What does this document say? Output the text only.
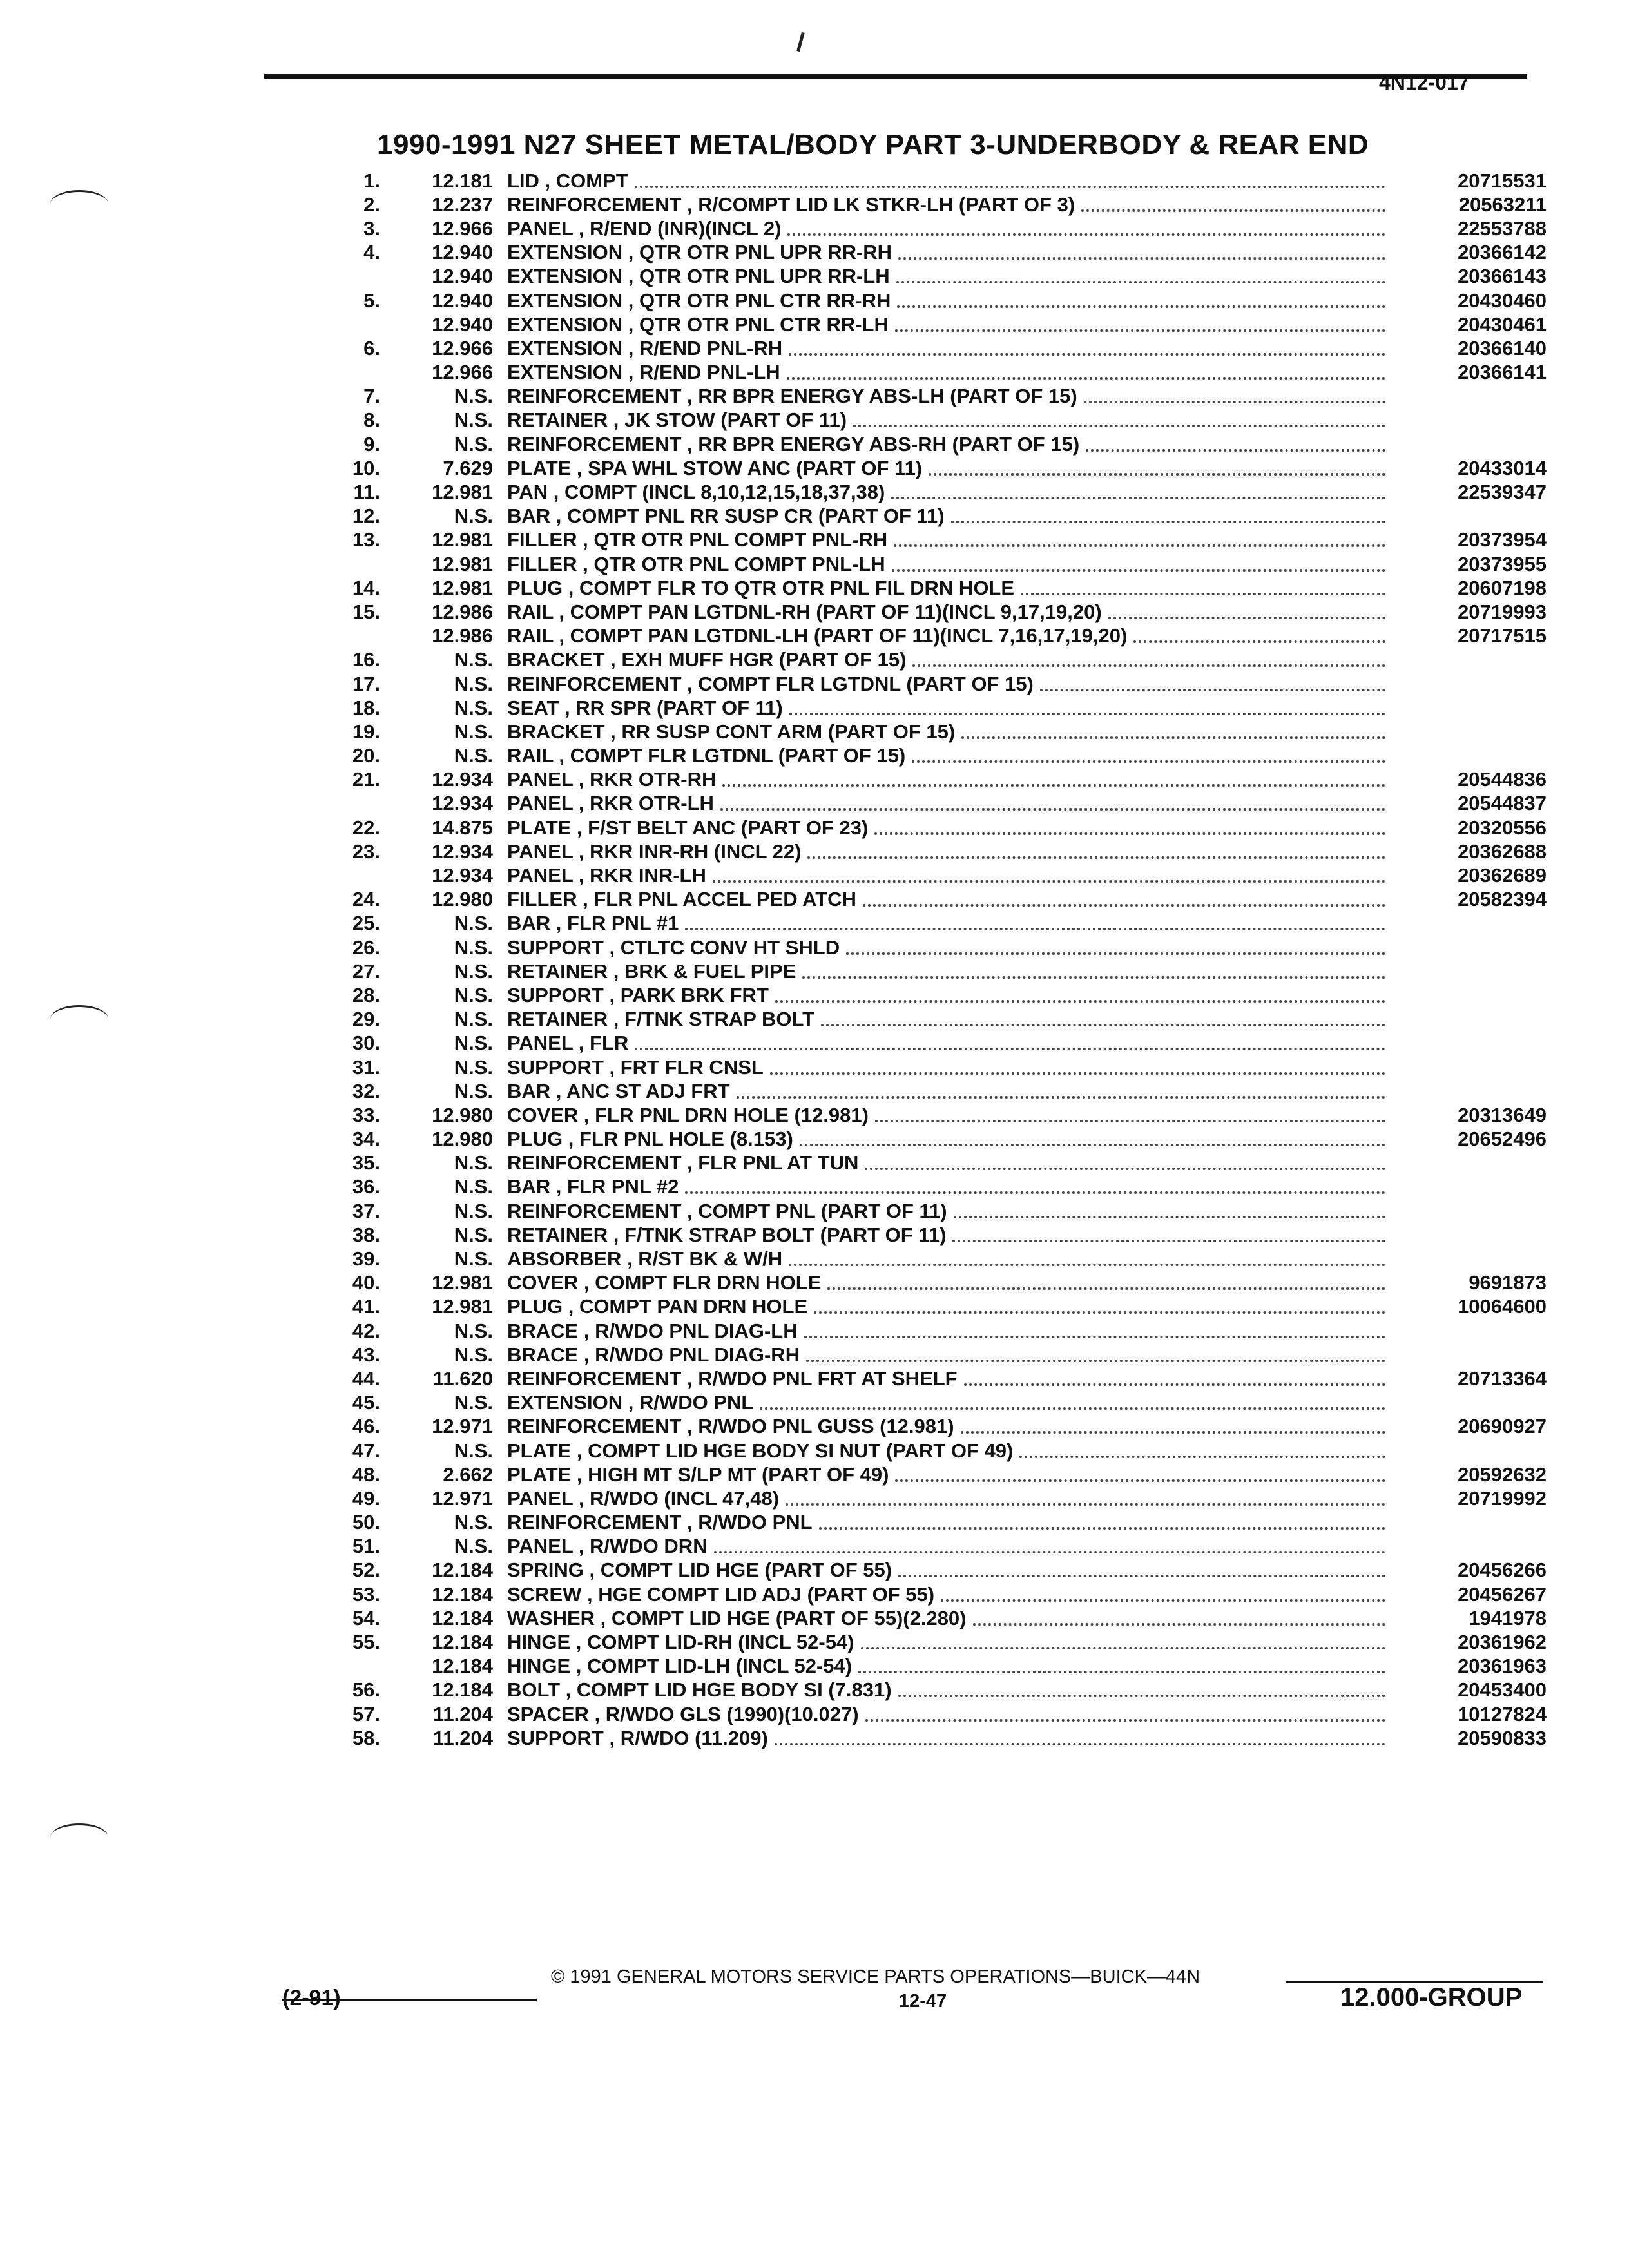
4N12-017
1990-1991 N27 SHEET METAL/BODY PART 3-UNDERBODY & REAR END
1.	12.181 LID , COMPT	20715531
2.	12.237 REINFORCEMENT , R/COMPT LID LK STKR-LH (PART OF 3)	20563211
3.	12.966 PANEL , R/END (INR)(INCL 2)	22553788
4.	12.940 EXTENSION , QTR OTR PNL UPR RR-RH	20366142
12.940 EXTENSION , QTR OTR PNL UPR RR-LH	20366143
5.	12.940 EXTENSION , QTR OTR PNL CTR RR-RH	20430460
12.940 EXTENSION , QTR OTR PNL CTR RR-LH	20430461
6.	12.966 EXTENSION , R/END PNL-RH	20366140
12.966 EXTENSION , R/END PNL-LH	20366141
7.	N.S. REINFORCEMENT , RR BPR ENERGY ABS-LH (PART OF 15)
8.	N.S. RETAINER , JK STOW (PART OF 11)
9.	N.S. REINFORCEMENT , RR BPR ENERGY ABS-RH (PART OF 15)
10.	7.629 PLATE , SPA WHL STOW ANC (PART OF 11)	20433014
11.	12.981 PAN , COMPT (INCL 8,10,12,15,18,37,38)	22539347
12.	N.S. BAR , COMPT PNL RR SUSP CR (PART OF 11)
13.	12.981 FILLER , QTR OTR PNL COMPT PNL-RH	20373954
12.981 FILLER , QTR OTR PNL COMPT PNL-LH	20373955
14.	12.981 PLUG , COMPT FLR TO QTR OTR PNL FIL DRN HOLE	20607198
15.	12.986 RAIL , COMPT PAN LGTDNL-RH (PART OF 11)(INCL 9,17,19,20)	20719993
12.986 RAIL , COMPT PAN LGTDNL-LH (PART OF 11)(INCL 7,16,17,19,20)	20717515
16.	N.S. BRACKET , EXH MUFF HGR (PART OF 15)
17.	N.S. REINFORCEMENT , COMPT FLR LGTDNL (PART OF 15)
18.	N.S. SEAT , RR SPR (PART OF 11)
19.	N.S. BRACKET , RR SUSP CONT ARM (PART OF 15)
20.	N.S. RAIL , COMPT FLR LGTDNL (PART OF 15)
21.	12.934 PANEL , RKR OTR-RH	20544836
12.934 PANEL , RKR OTR-LH	20544837
22.	14.875 PLATE , F/ST BELT ANC (PART OF 23)	20320556
23.	12.934 PANEL , RKR INR-RH (INCL 22)	20362688
12.934 PANEL , RKR INR-LH	20362689
24.	12.980 FILLER , FLR PNL ACCEL PED ATCH	20582394
25.	N.S. BAR , FLR PNL #1
26.	N.S. SUPPORT , CTLTC CONV HT SHLD
27.	N.S. RETAINER , BRK & FUEL PIPE
28.	N.S. SUPPORT , PARK BRK FRT
29.	N.S. RETAINER , F/TNK STRAP BOLT
30.	N.S. PANEL , FLR
31.	N.S. SUPPORT , FRT FLR CNSL
32.	N.S. BAR , ANC ST ADJ FRT
33.	12.980 COVER , FLR PNL DRN HOLE (12.981)	20313649
34.	12.980 PLUG , FLR PNL HOLE (8.153)	20652496
35.	N.S. REINFORCEMENT , FLR PNL AT TUN
36.	N.S. BAR , FLR PNL #2
37.	N.S. REINFORCEMENT , COMPT PNL (PART OF 11)
38.	N.S. RETAINER , F/TNK STRAP BOLT (PART OF 11)
39.	N.S. ABSORBER , R/ST BK & W/H
40.	12.981 COVER , COMPT FLR DRN HOLE	9691873
41.	12.981 PLUG , COMPT PAN DRN HOLE	10064600
42.	N.S. BRACE , R/WDO PNL DIAG-LH
43.	N.S. BRACE , R/WDO PNL DIAG-RH
44.	11.620 REINFORCEMENT , R/WDO PNL FRT AT SHELF	20713364
45.	N.S. EXTENSION , R/WDO PNL
46.	12.971 REINFORCEMENT , R/WDO PNL GUSS (12.981)	20690927
47.	N.S. PLATE , COMPT LID HGE BODY SI NUT (PART OF 49)
48.	2.662 PLATE , HIGH MT S/LP MT (PART OF 49)	20592632
49.	12.971 PANEL , R/WDO (INCL 47,48)	20719992
50.	N.S. REINFORCEMENT , R/WDO PNL
51.	N.S. PANEL , R/WDO DRN
52.	12.184 SPRING , COMPT LID HGE (PART OF 55)	20456266
53.	12.184 SCREW , HGE COMPT LID ADJ (PART OF 55)	20456267
54.	12.184 WASHER , COMPT LID HGE (PART OF 55)(2.280)	1941978
55.	12.184 HINGE , COMPT LID-RH (INCL 52-54)	20361962
12.184 HINGE , COMPT LID-LH (INCL 52-54)	20361963
56.	12.184 BOLT , COMPT LID HGE BODY SI (7.831)	20453400
57.	11.204 SPACER , R/WDO GLS (1990)(10.027)	10127824
58.	11.204 SUPPORT , R/WDO (11.209)	20590833
(2-91)
© 1991 GENERAL MOTORS SERVICE PARTS OPERATIONS—BUICK—44N
12-47	12.000-GROUP
